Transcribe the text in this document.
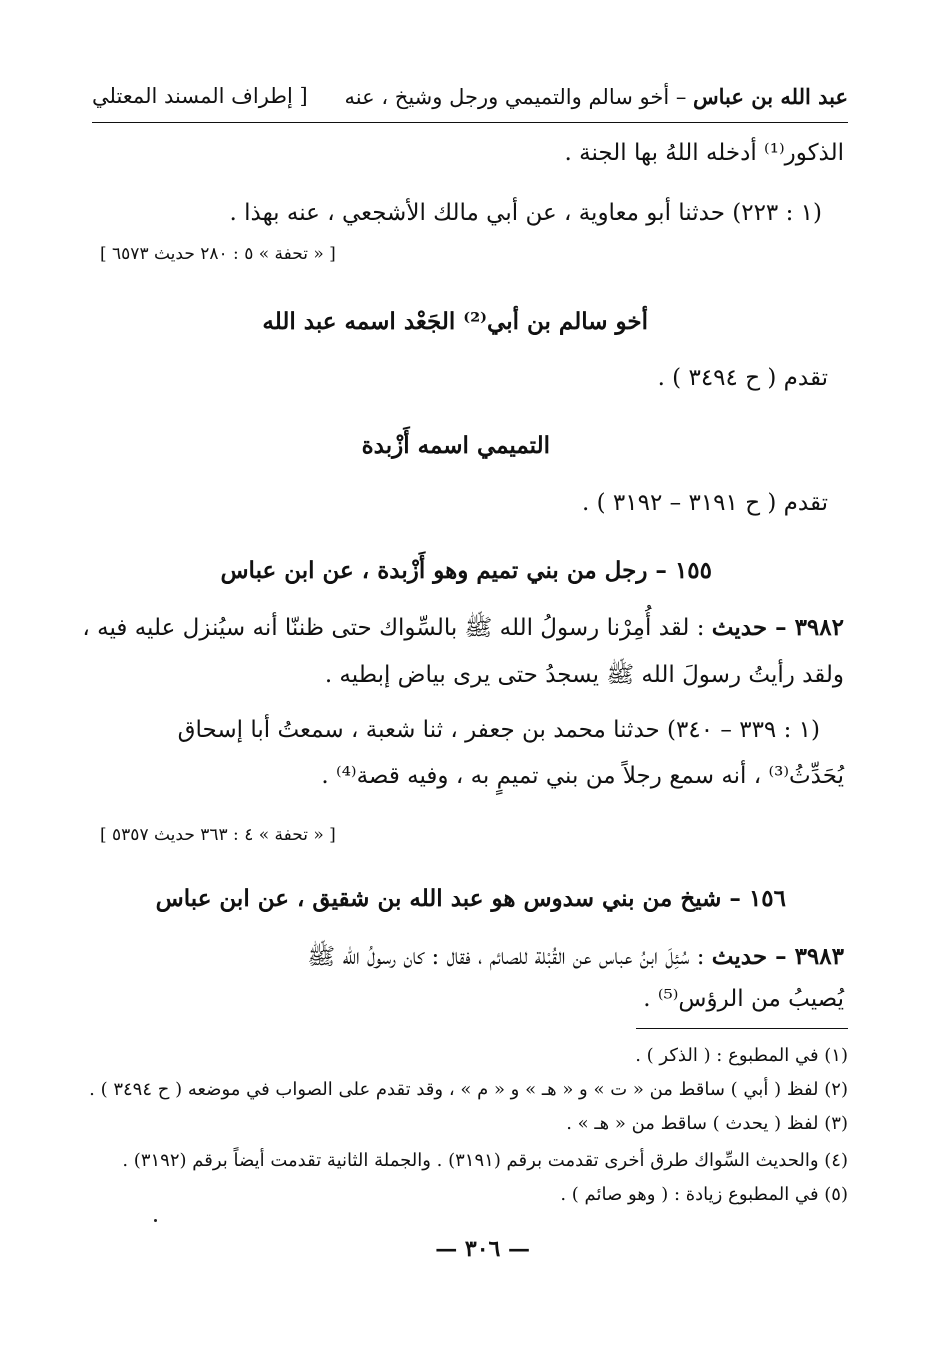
عبد الله بن عباس – أخو سالم والتميمي ورجل وشيخ ، عنه
[ إطراف المسند المعتلي
الذكور⁽¹⁾ أدخله اللهُ بها الجنة .
(١ : ٢٢٣) حدثنا أبو معاوية ، عن أبي مالك الأشجعي ، عنه بهذا .
[ « تحفة » ٥ : ٢٨٠ حديث ٦٥٧٣ ]
أخو سالم بن أبي⁽²⁾ الجَعْد اسمه عبد الله
تقدم ( ح ٣٤٩٤ ) .
التميمي اسمه أَزْبدة
تقدم ( ح ٣١٩١ – ٣١٩٢ ) .
١٥٥ – رجل من بني تميم وهو أَزْبدة ، عن ابن عباس
٣٩٨٢ – حديث : لقد أُمِرْنا رسولُ الله ﷺ بالسِّواك حتى ظننّا أنه سيُنزل عليه فيه ،
ولقد رأيتُ رسولَ الله ﷺ يسجدُ حتى يرى بياض إبطيه .
(١ : ٣٣٩ – ٣٤٠) حدثنا محمد بن جعفر ، ثنا شعبة ، سمعتُ أبا إسحاق
يُحَدِّثُ⁽³⁾ ، أنه سمع رجلاً من بني تميمٍ به ، وفيه قصة⁽⁴⁾ .
[ « تحفة » ٤ : ٣٦٣ حديث ٥٣٥٧ ]
١٥٦ – شيخ من بني سدوس هو عبد الله بن شقيق ، عن ابن عباس
٣٩٨٣ – حديث : سُئِلَ ابنُ عباس عن القُبْلة للصائم ، فقال : كان رسولُ الله ﷺ
يُصيبُ من الرؤس⁽⁵⁾ .
(١) في المطبوع : ( الذكر ) .
(٢) لفظ ( أبي ) ساقط من « ت » و « هـ » و « م » ، وقد تقدم على الصواب في موضعه ( ح ٣٤٩٤ ) .
(٣) لفظ ( يحدث ) ساقط من « هـ » .
(٤) والحديث السِّواك طرق أخرى تقدمت برقم (٣١٩١) . والجملة الثانية تقدمت أيضاً برقم (٣١٩٢) .
(٥) في المطبوع زيادة : ( وهو صائم ) .
— ٣٠٦ —
